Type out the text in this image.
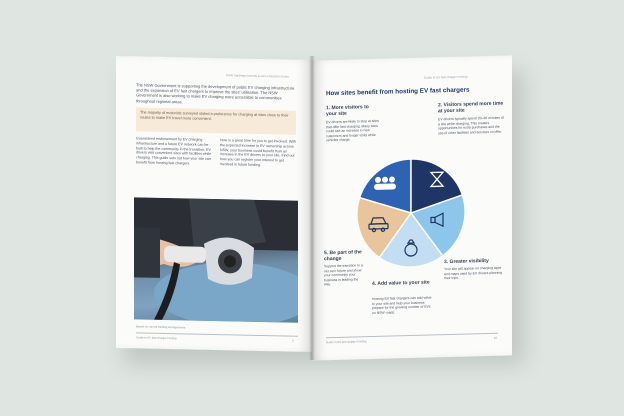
NSW roadmap towards a zero-emissions future
The NSW Government is supporting the development of public EV charging infrastructure and the expansion of EV fast chargers to improve the sites' utilisation. The NSW Government is also working to make EV charging more accessible to communities throughout regional areas.
The majority of motorists surveyed stated a preference for charging at sites close to their routes to make EV travel more convenient.
Guaranteed endorsement by EV charging infrastructure and a future EV network can be built to help the community in the transition. EV drivers visit convenient sites with facilities while charging. This guide sets out how your site can benefit from hosting fast chargers.
Now is a great time for you to get involved. With the expected increase in EV ownership across NSW, your business could benefit from an increase in the EV drivers to your site. Find out how you can register your interest to get involved in future funding.
Based on current funding arrangements
Guide to EV fast charger hosting
9
Guide to EV fast charger hosting
How sites benefit from hosting EV fast chargers
1. More visitors to your site
EV drivers are likely to stop at sites that offer fast charging. Many sites could see an increase in new customers and longer visits while vehicles charge.
2. Visitors spend more time at your site
EV drivers typically spend 20–40 minutes at a site while charging. This creates opportunities for extra purchases and the use of other facilities and services on offer.
3. Greater visibility
Your site will appear on charging apps and maps used by EV drivers planning their trips.
4. Add value to your site
Hosting EV fast chargers can add value to your site and help your business prepare for the growing number of EVs on NSW roads.
5. Be part of the change
Support the transition to a net zero future and show your community your business is leading the way.
Guide to EV fast charger hosting
10
